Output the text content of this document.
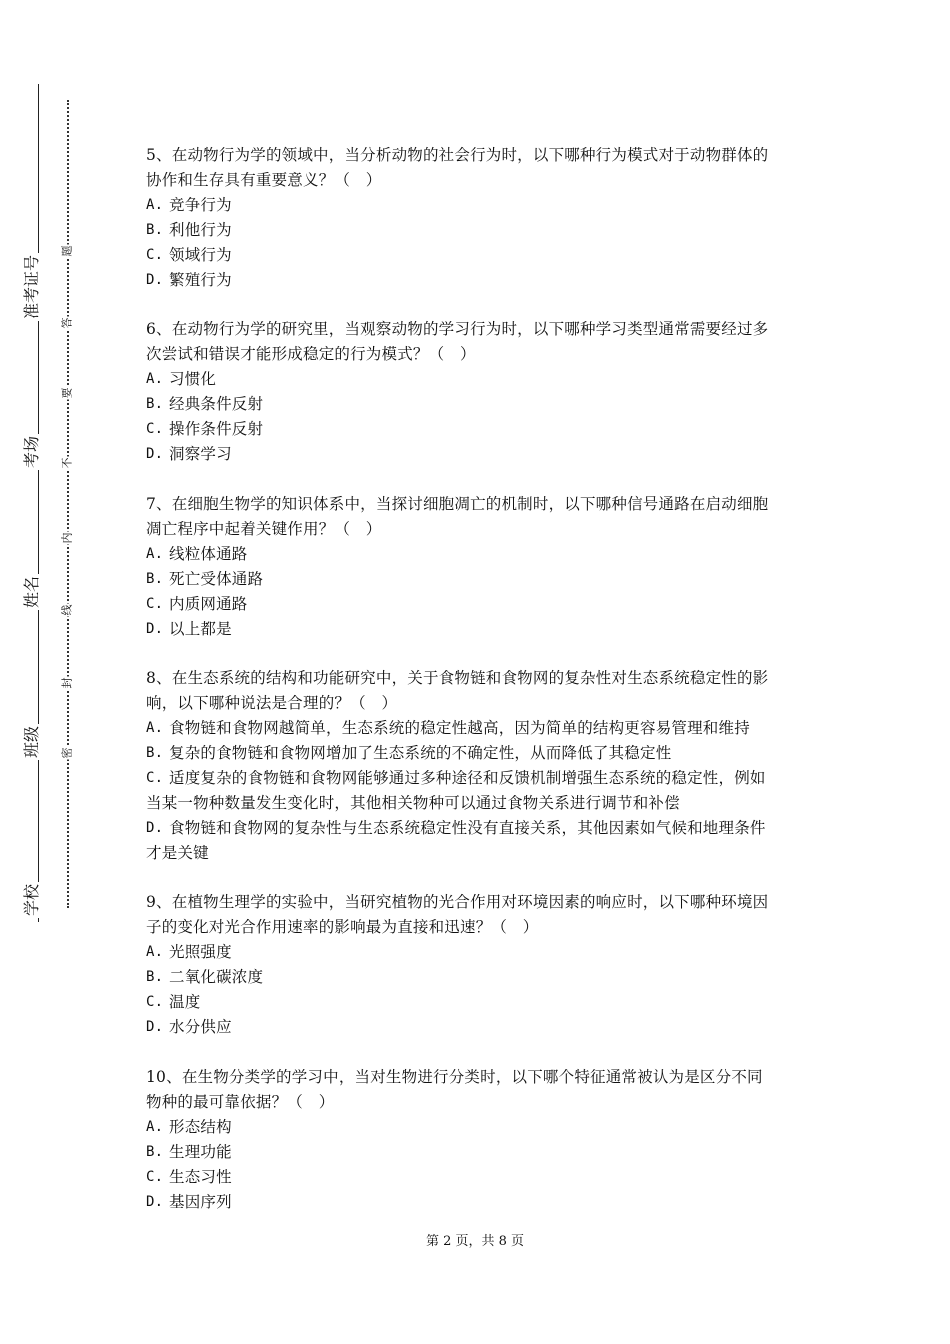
准考证号
考场
姓名
班级
学校
题
答
要
不
内
线
封
密

5、在动物行为学的领域中，当分析动物的社会行为时，以下哪种行为模式对于动物群体的

协作和生存具有重要意义？（　）

A. 竞争行为
B. 利他行为
C. 领域行为
D. 繁殖行为

6、在动物行为学的研究里，当观察动物的学习行为时，以下哪种学习类型通常需要经过多

次尝试和错误才能形成稳定的行为模式？（　）

A. 习惯化
B. 经典条件反射
C. 操作条件反射
D. 洞察学习

7、在细胞生物学的知识体系中，当探讨细胞凋亡的机制时，以下哪种信号通路在启动细胞

凋亡程序中起着关键作用？（　）

A. 线粒体通路
B. 死亡受体通路
C. 内质网通路
D. 以上都是

8、在生态系统的结构和功能研究中，关于食物链和食物网的复杂性对生态系统稳定性的影

响，以下哪种说法是合理的？（　）

A. 食物链和食物网越简单，生态系统的稳定性越高，因为简单的结构更容易管理和维持
B. 复杂的食物链和食物网增加了生态系统的不确定性，从而降低了其稳定性
C. 适度复杂的食物链和食物网能够通过多种途径和反馈机制增强生态系统的稳定性，例如

当某一物种数量发生变化时，其他相关物种可以通过食物关系进行调节和补偿

D. 食物链和食物网的复杂性与生态系统稳定性没有直接关系，其他因素如气候和地理条件

才是关键

9、在植物生理学的实验中，当研究植物的光合作用对环境因素的响应时，以下哪种环境因

子的变化对光合作用速率的影响最为直接和迅速？（　）

A. 光照强度
B. 二氧化碳浓度
C. 温度
D. 水分供应

10、在生物分类学的学习中，当对生物进行分类时，以下哪个特征通常被认为是区分不同

物种的最可靠依据？（　）

A. 形态结构
B. 生理功能
C. 生态习性
D. 基因序列
第 2 页，共 8 页
